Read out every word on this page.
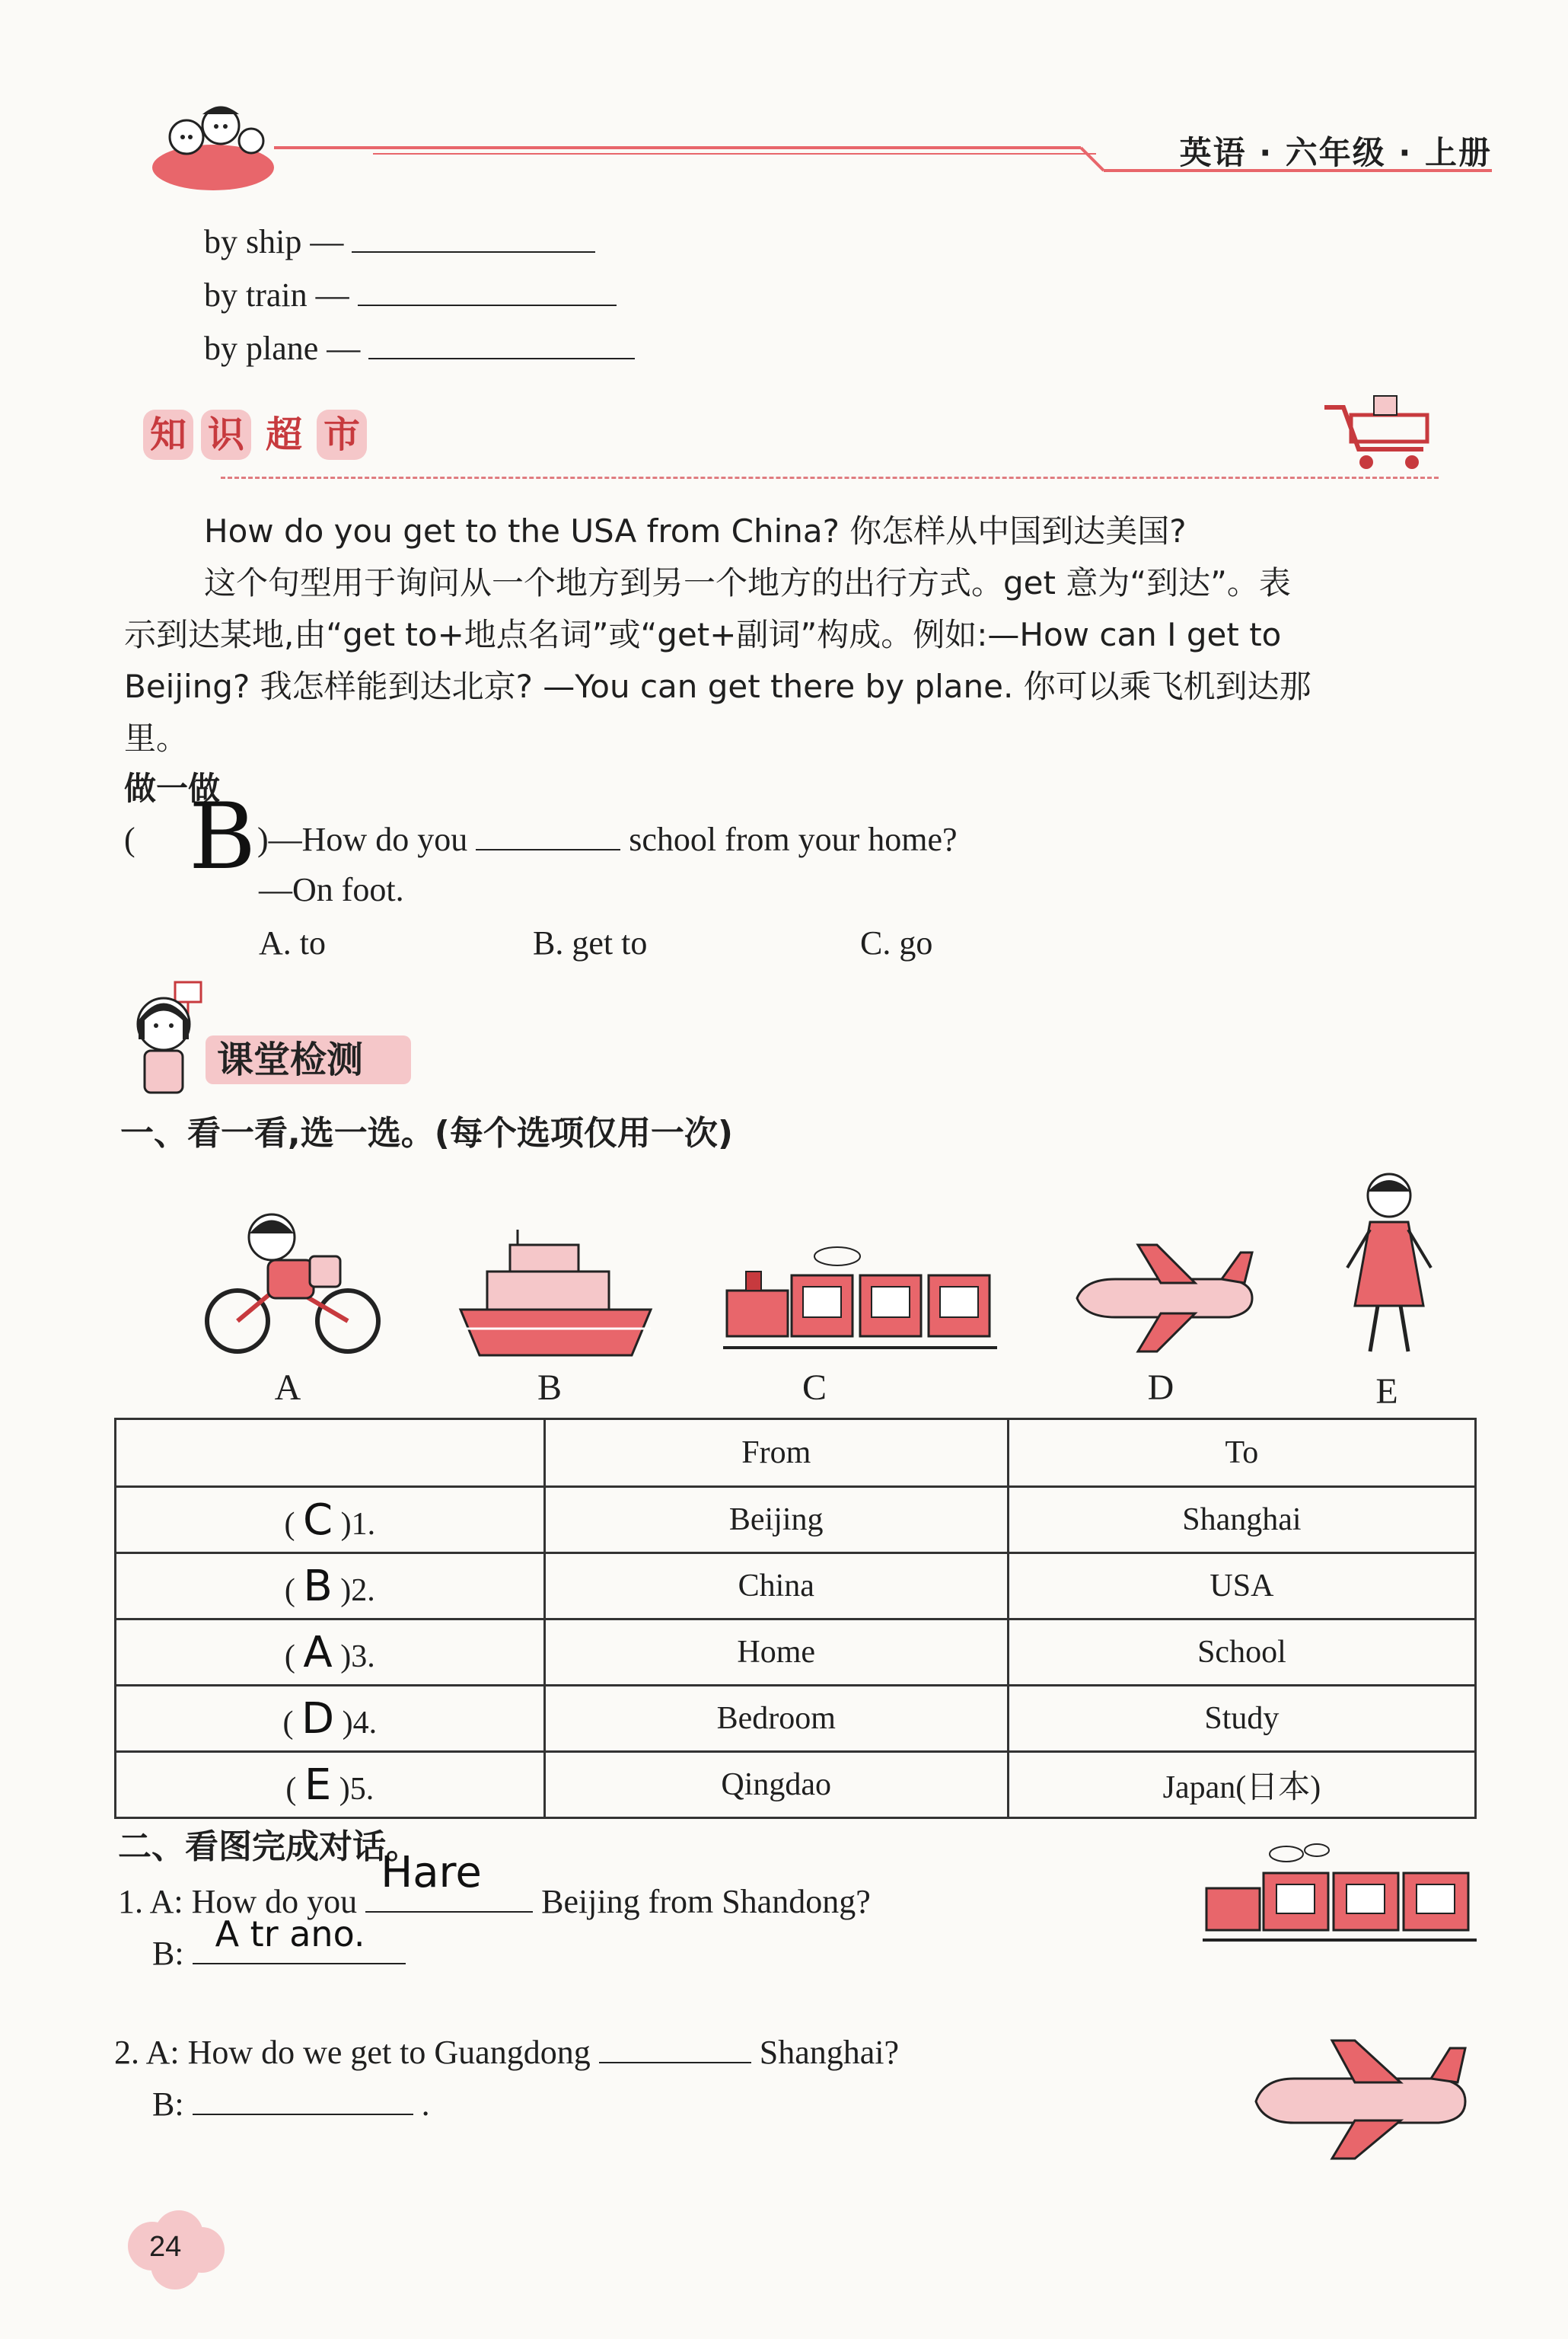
英语 · 六年级 · 上册
by ship —
by train —
by plane —
知 识 超 市
How do you get to the USA from China? 你怎样从中国到达美国?
这个句型用于询问从一个地方到另一个地方的出行方式。get 意为“到达”。表
示到达某地,由“get to+地点名词”或“get+副词”构成。例如:—How can I get to
Beijing? 我怎样能到达北京? —You can get there by plane. 你可以乘飞机到达那
里。
做一做
( B )—How do you	school from your home?
—On foot.
A. to	B. get to	C. go
课堂检测
一、看一看,选一选。(每个选项仅用一次)
A	B	C	D	E
	From	To
( C )1.	Beijing	Shanghai
( B )2.	China	USA
( A )3.	Home	School
( D )4.	Bedroom	Study
( E )5.	Qingdao	Japan(日本)
二、看图完成对话。
1. A: How do you
Hare
Beijing from Shandong?
B: A tr ano.
2. A: How do we get to Guangdong	Shanghai?
B:	.
24
